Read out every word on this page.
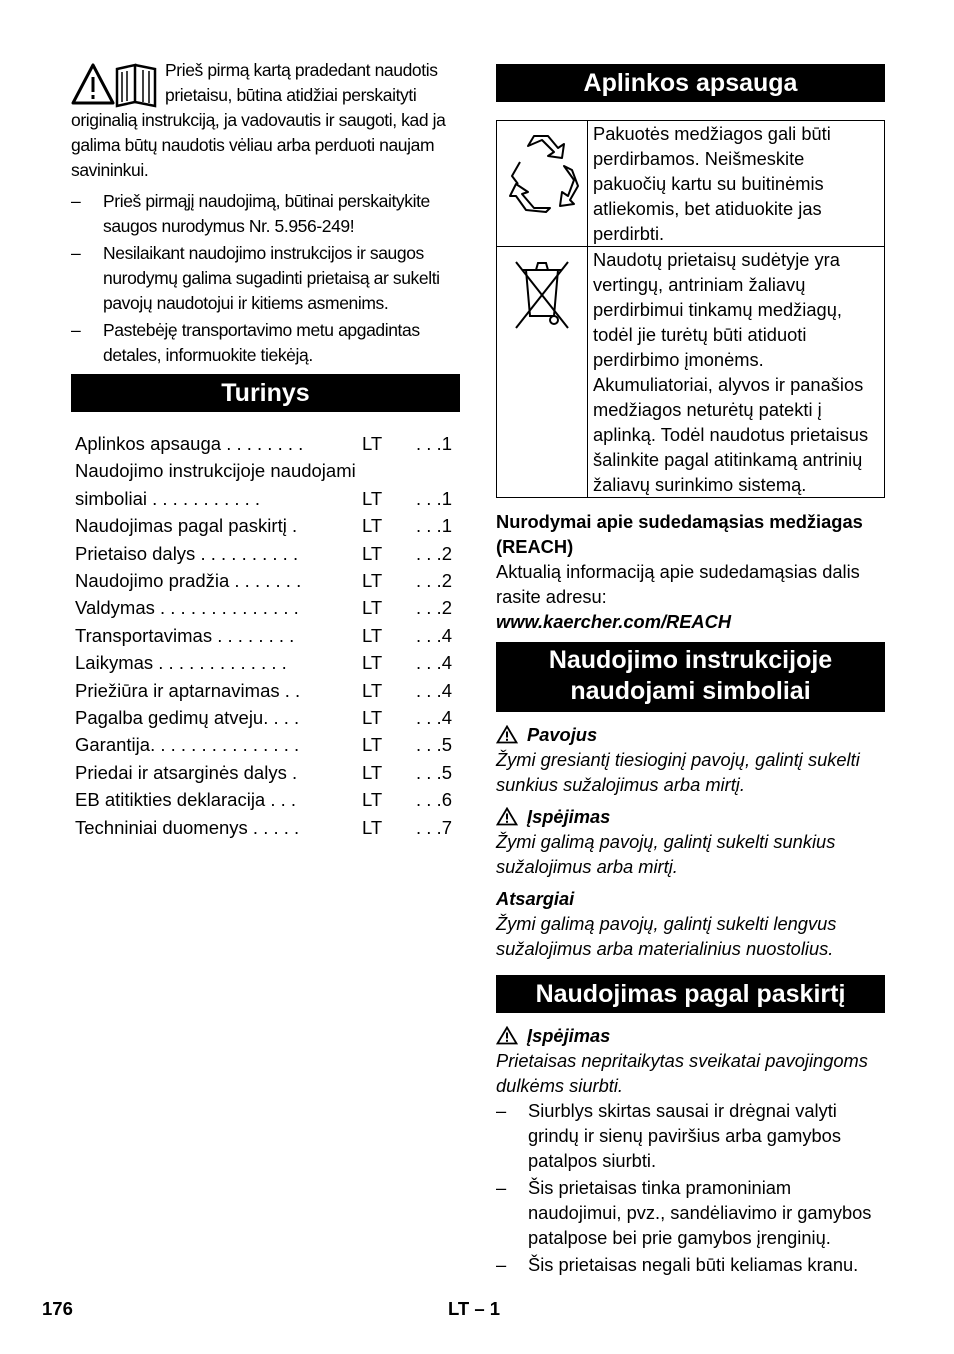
Prieš pirmą kartą pradedant naudotis prietaisu, būtina atidžiai perskaityti originalią instrukciją, ja vadovautis ir saugoti, kad ja galima būtų naudotis vėliau arba perduoti naujam savininkui.
– Prieš pirmąjį naudojimą, būtinai perskaitykite saugos nurodymus Nr. 5.956-249!
– Nesilaikant naudojimo instrukcijos ir saugos nurodymų galima sugadinti prietaisą ar sukelti pavojų naudotojui ir kitiems asmenims.
– Pastebėję transportavimo metu apgadintas detales, informuokite tiekėją.
Turinys
Aplinkos apsauga . . . . . . . .	LT	. . .1
Naudojimo instrukcijoje naudojami simboliai . . . . . . . . . . .	LT	. . .1
Naudojimas pagal paskirtį .	LT	. . .1
Prietaiso dalys . . . . . . . . . .	LT	. . .2
Naudojimo pradžia . . . . . . .	LT	. . .2
Valdymas . . . . . . . . . . . . . .	LT	. . .2
Transportavimas . . . . . . . .	LT	. . .4
Laikymas . . . . . . . . . . . . .	LT	. . .4
Priežiūra ir aptarnavimas . .	LT	. . .4
Pagalba gedimų atveju. . . .	LT	. . .4
Garantija. . . . . . . . . . . . . . .	LT	. . .5
Priedai ir atsarginės dalys .	LT	. . .5
EB atitikties deklaracija . . .	LT	. . .6
Techniniai duomenys . . . . .	LT	. . .7
Aplinkos apsauga
	Pakuotės medžiagos gali būti perdirbamos. Neišmeskite pakuočių kartu su buitinėmis atliekomis, bet atiduokite jas perdirbti.
	Naudotų prietaisų sudėtyje yra vertingų, antriniam žaliavų perdirbimui tinkamų medžiagų, todėl jie turėtų būti atiduoti perdirbimo įmonėms. Akumuliatoriai, alyvos ir panašios medžiagos neturėtų patekti į aplinką. Todėl naudotus prietaisus šalinkite pagal atitinkamą antrinių žaliavų surinkimo sistemą.

Nurodymai apie sudedamąsias medžiagas (REACH)

Aktualią informaciją apie sudedamąsias dalis rasite adresu:

www.kaercher.com/REACH

Naudojimo instrukcijoje
naudojami simboliai
Pavojus

Žymi gresiantį tiesioginį pavojų, galintį sukelti sunkius sužalojimus arba mirtį.

Įspėjimas

Žymi galimą pavojų, galintį sukelti sunkius sužalojimus arba mirtį.

Atsargiai

Žymi galimą pavojų, galintį sukelti lengvus sužalojimus arba materialinius nuostolius.

Naudojimas pagal paskirtį
Įspėjimas

Prietaisas nepritaikytas sveikatai pavojingoms dulkėms siurbti.

– Siurblys skirtas sausai ir drėgnai valyti grindų ir sienų paviršius arba gamybos patalpos siurbti.
– Šis prietaisas tinka pramoniniam naudojimui, pvz., sandėliavimo ir gamybos patalpose bei prie gamybos įrenginių.
– Šis prietaisas negali būti keliamas kranu.
176	LT – 1
